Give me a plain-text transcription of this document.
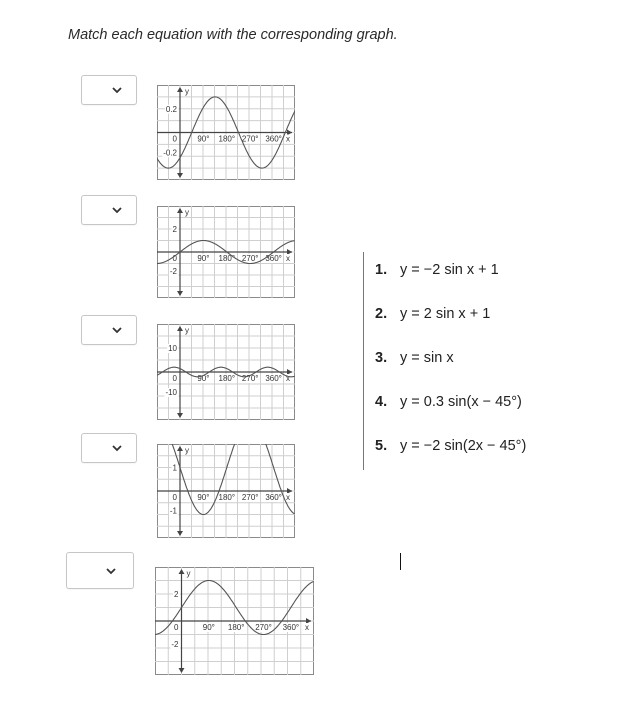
Match each equation with the corresponding graph.
y
0.2
0
-0.2
90° 180° 270° 360° x
y
2
0
-2
90° 180° 270° 360° x
y
10
0
-10
90° 180° 270° 360° x
y
1
0
-1
90° 180° 270° 360° x
y
2
0
-2
90° 180° 270° 360° x
1. y = −2 sin x + 1
2. y = 2 sin x + 1
3. y = sin x
4. y = 0.3 sin(x − 45°)
5. y = −2 sin(2x − 45°)
